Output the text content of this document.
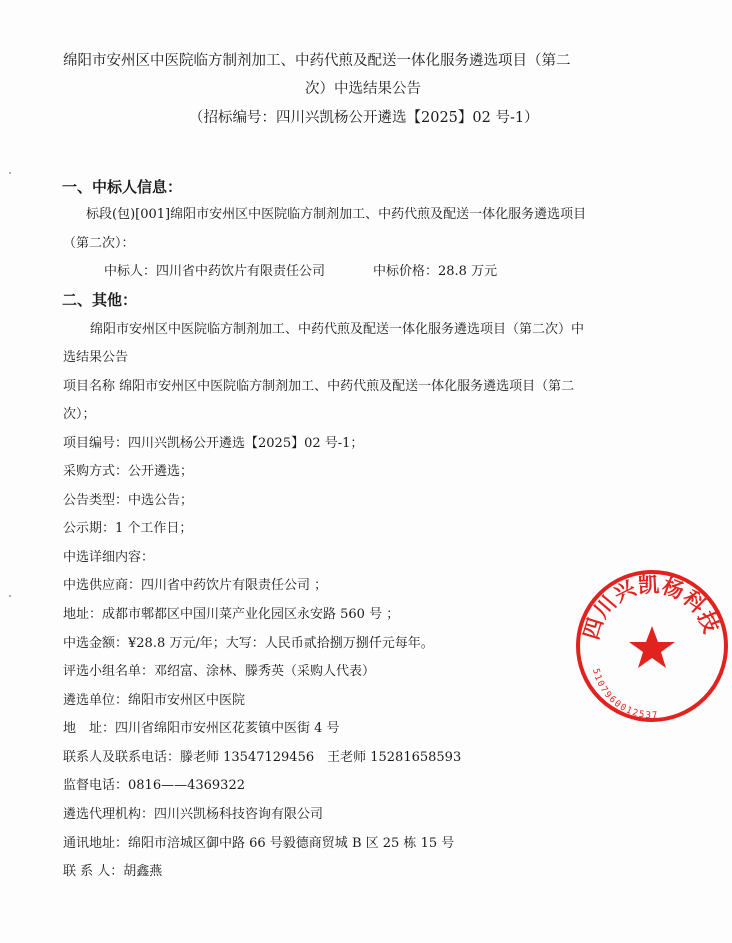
绵阳市安州区中医院临方制剂加工、中药代煎及配送一体化服务遴选项目（第二
次）中选结果公告
（招标编号：四川兴凯杨公开遴选【2025】02 号-1）
一、中标人信息：
标段(包)[001]绵阳市安州区中医院临方制剂加工、中药代煎及配送一体化服务遴选项目
（第二次）：
中标人：四川省中药饮片有限责任公司	中标价格：28.8 万元
二、其他：
绵阳市安州区中医院临方制剂加工、中药代煎及配送一体化服务遴选项目（第二次）中
选结果公告
项目名称 绵阳市安州区中医院临方制剂加工、中药代煎及配送一体化服务遴选项目（第二
次）；
项目编号：四川兴凯杨公开遴选【2025】02 号-1；
采购方式：公开遴选；
公告类型：中选公告；
公示期：1 个工作日；
中选详细内容：
中选供应商：四川省中药饮片有限责任公司 ；
地址：成都市郫都区中国川菜产业化园区永安路 560 号 ；
中选金额：¥28.8 万元/年；大写：人民币贰拾捌万捌仟元每年。
评选小组名单：邓绍富、涂林、滕秀英（采购人代表）
遴选单位：绵阳市安州区中医院
地　址：四川省绵阳市安州区花荄镇中医街 4 号
联系人及联系电话：滕老师 13547129456　王老师 15281658593
监督电话：0816——4369322
遴选代理机构：四川兴凯杨科技咨询有限公司
通讯地址：绵阳市涪城区御中路 66 号毅德商贸城 B 区 25 栋 15 号
联 系 人：胡鑫燕
四川兴凯杨科技
5107960012537
